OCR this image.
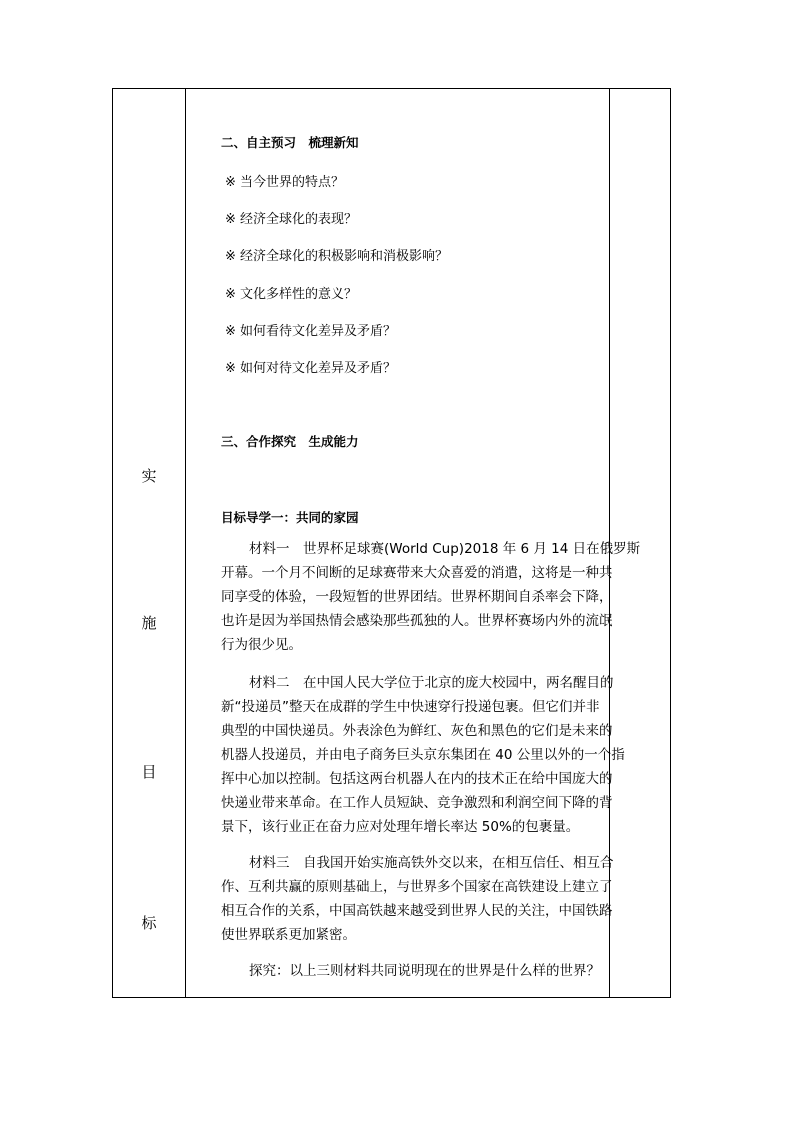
实
施
目
标
二、自主预习　梳理新知
※ 当今世界的特点？
※ 经济全球化的表现？
※ 经济全球化的积极影响和消极影响？
※ 文化多样性的意义？
※ 如何看待文化差异及矛盾？
※ 如何对待文化差异及矛盾？
三、合作探究　生成能力
目标导学一：共同的家园
材料一　世界杯足球赛(World Cup)2018 年 6 月 14 日在俄罗斯
开幕。一个月不间断的足球赛带来大众喜爱的消遣，这将是一种共
同享受的体验，一段短暂的世界团结。世界杯期间自杀率会下降，
也许是因为举国热情会感染那些孤独的人。世界杯赛场内外的流氓
行为很少见。
材料二　在中国人民大学位于北京的庞大校园中，两名醒目的
新“投递员”整天在成群的学生中快速穿行投递包裹。但它们并非
典型的中国快递员。外表涂色为鲜红、灰色和黑色的它们是未来的
机器人投递员，并由电子商务巨头京东集团在 40 公里以外的一个指
挥中心加以控制。包括这两台机器人在内的技术正在给中国庞大的
快递业带来革命。在工作人员短缺、竞争激烈和利润空间下降的背
景下，该行业正在奋力应对处理年增长率达 50%的包裹量。
材料三　自我国开始实施高铁外交以来，在相互信任、相互合
作、互利共赢的原则基础上，与世界多个国家在高铁建设上建立了
相互合作的关系，中国高铁越来越受到世界人民的关注，中国铁路
使世界联系更加紧密。
探究：以上三则材料共同说明现在的世界是什么样的世界？
